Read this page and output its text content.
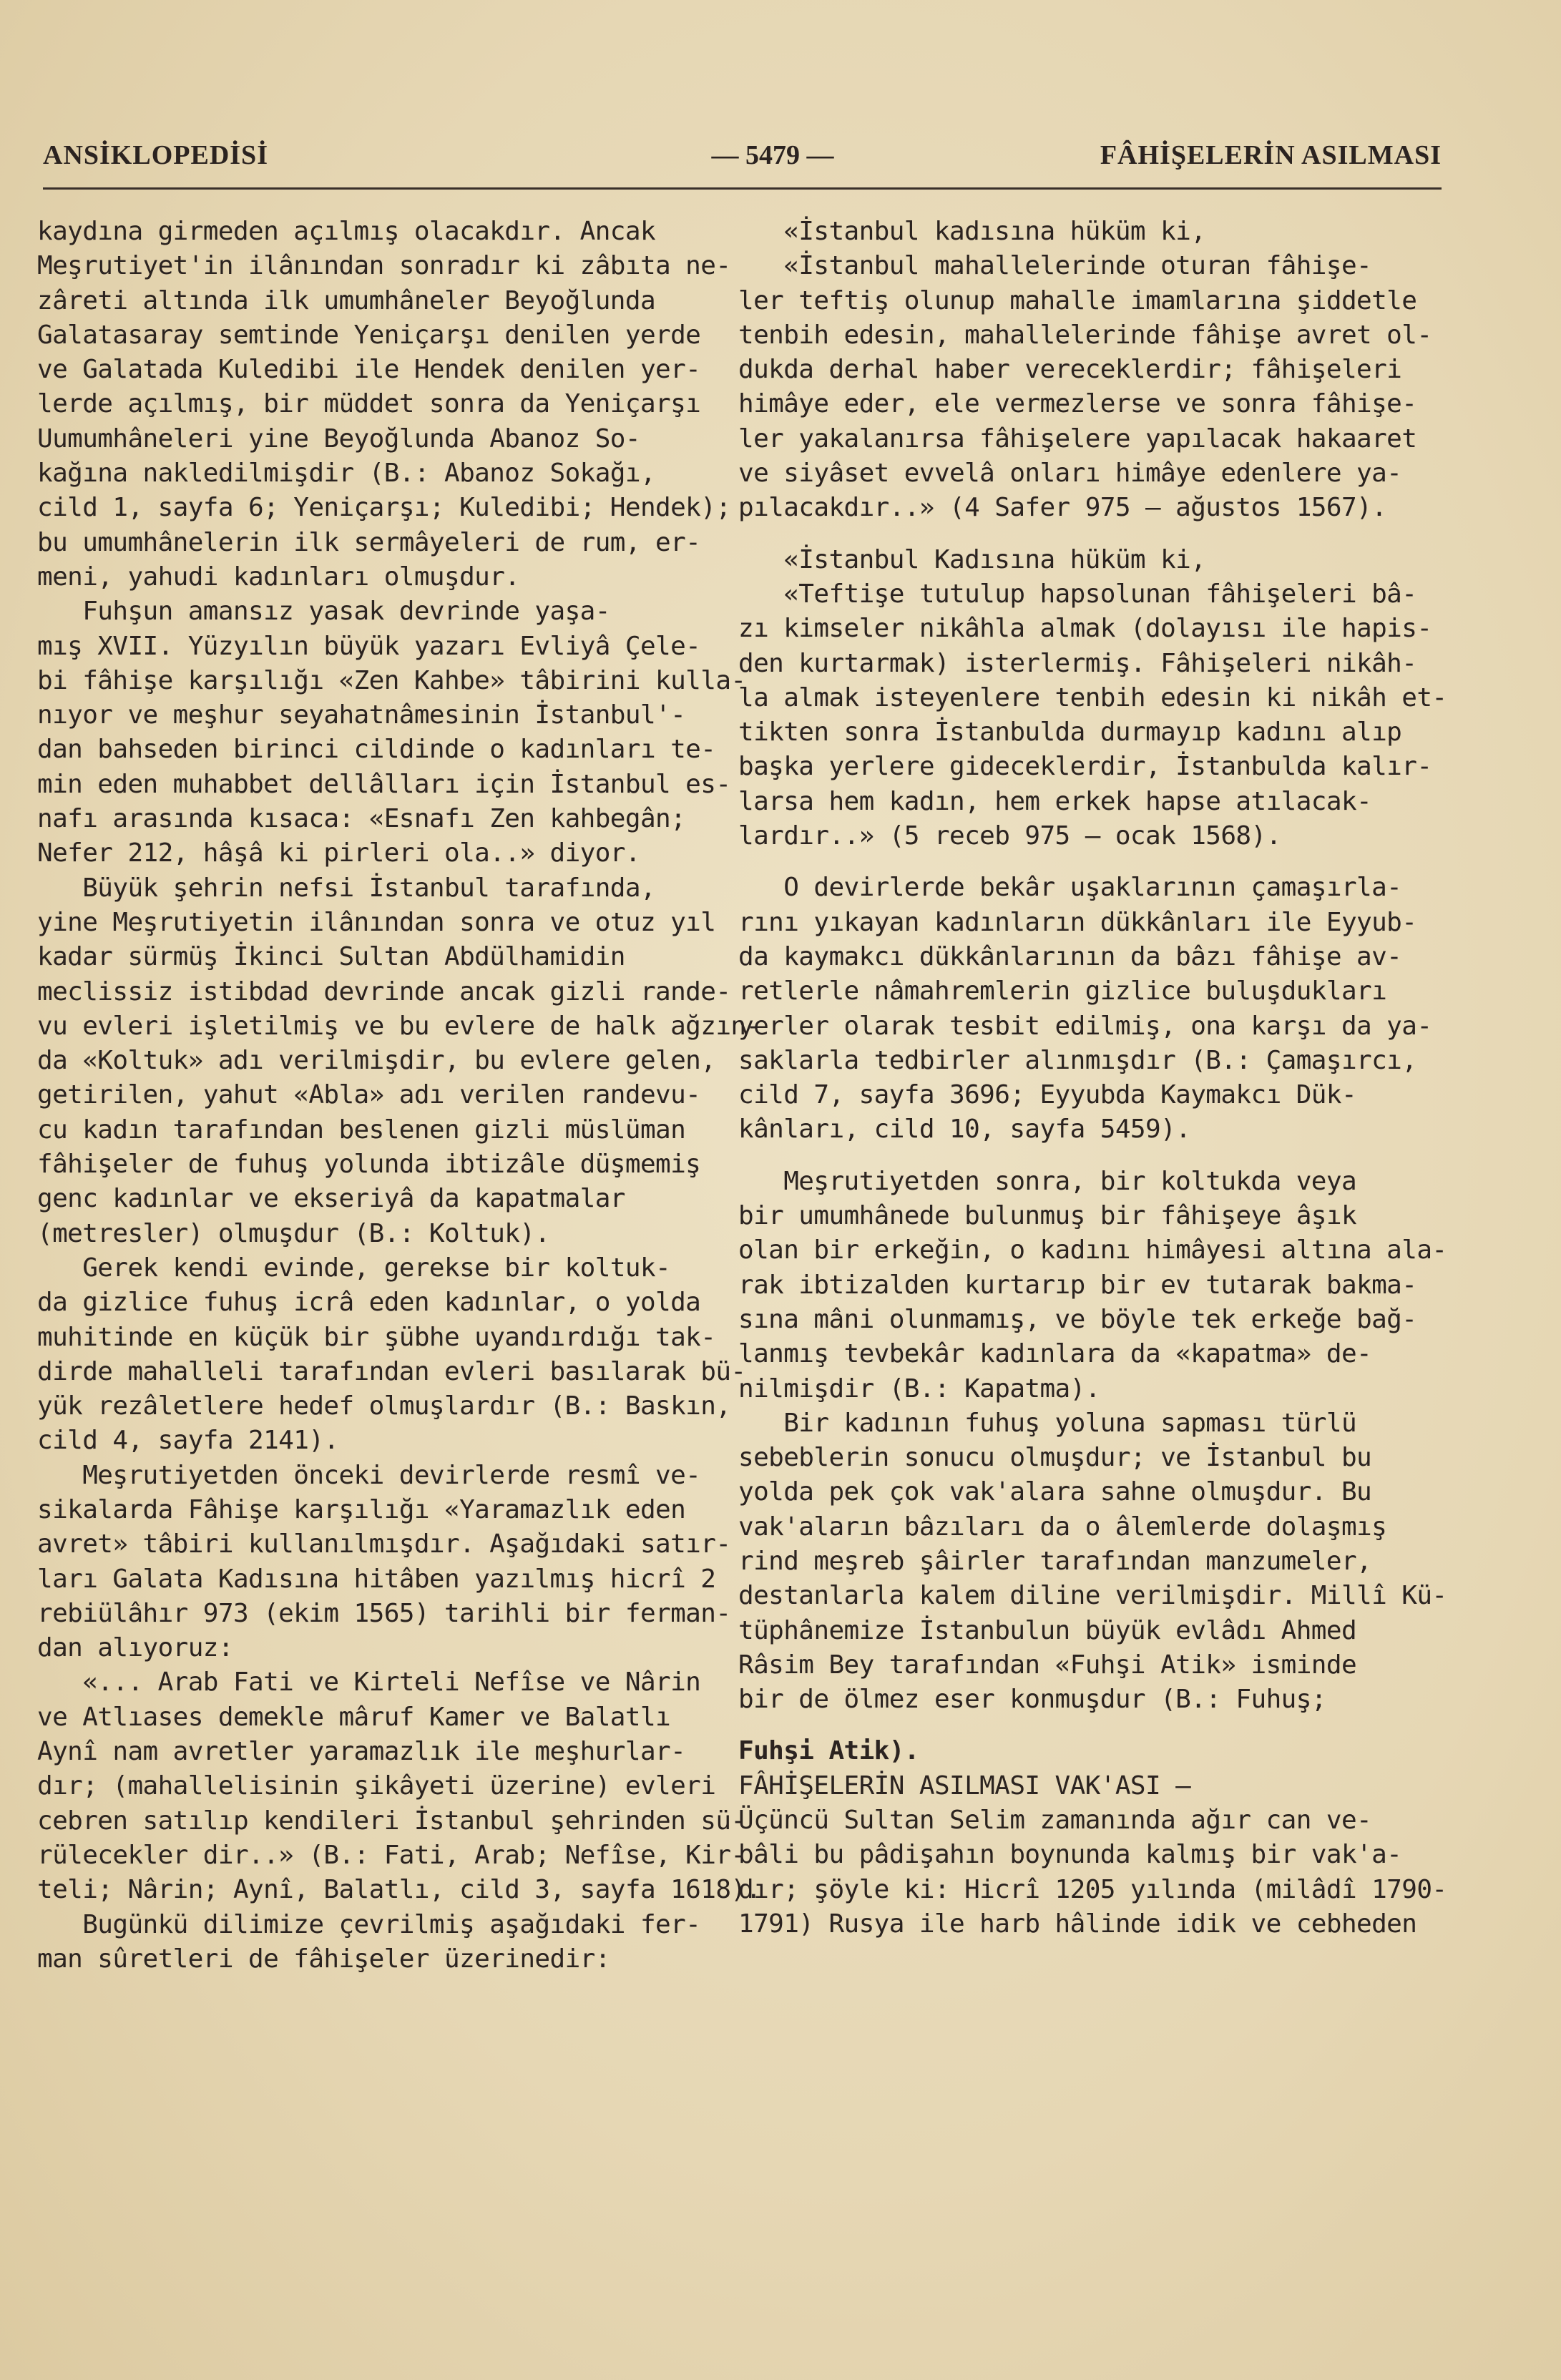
ANSİKLOPEDİSİ	— 5479 —	FÂHİŞELERİN ASILMASI
kaydına girmeden açılmış olacakdır. Ancak
Meşrutiyet'in ilânından sonradır ki zâbıta ne-
zâreti altında ilk umumhâneler Beyoğlunda
Galatasaray semtinde Yeniçarşı denilen yerde
ve Galatada Kuledibi ile Hendek denilen yer-
lerde açılmış, bir müddet sonra da Yeniçarşı
Uumumhâneleri yine Beyoğlunda Abanoz So-
kağına nakledilmişdir (B.: Abanoz Sokağı,
cild 1, sayfa 6; Yeniçarşı; Kuledibi; Hendek);
bu umumhânelerin ilk sermâyeleri de rum, er-
meni, yahudi kadınları olmuşdur.
Fuhşun amansız yasak devrinde yaşa-
mış XVII. Yüzyılın büyük yazarı Evliyâ Çele-
bi fâhişe karşılığı «Zen Kahbe» tâbirini kulla-
nıyor ve meşhur seyahatnâmesinin İstanbul'-
dan bahseden birinci cildinde o kadınları te-
min eden muhabbet dellâlları için İstanbul es-
nafı arasında kısaca: «Esnafı Zen kahbegân;
Nefer 212, hâşâ ki pirleri ola..» diyor.
Büyük şehrin nefsi İstanbul tarafında,
yine Meşrutiyetin ilânından sonra ve otuz yıl
kadar sürmüş İkinci Sultan Abdülhamidin
meclissiz istibdad devrinde ancak gizli rande-
vu evleri işletilmiş ve bu evlere de halk ağzın-
da «Koltuk» adı verilmişdir, bu evlere gelen,
getirilen, yahut «Abla» adı verilen randevu-
cu kadın tarafından beslenen gizli müslüman
fâhişeler de fuhuş yolunda ibtizâle düşmemiş
genc kadınlar ve ekseriyâ da kapatmalar
(metresler) olmuşdur (B.: Koltuk).
Gerek kendi evinde, gerekse bir koltuk-
da gizlice fuhuş icrâ eden kadınlar, o yolda
muhitinde en küçük bir şübhe uyandırdığı tak-
dirde mahalleli tarafından evleri basılarak bü-
yük rezâletlere hedef olmuşlardır (B.: Baskın,
cild 4, sayfa 2141).
Meşrutiyetden önceki devirlerde resmî ve-
sikalarda Fâhişe karşılığı «Yaramazlık eden
avret» tâbiri kullanılmışdır. Aşağıdaki satır-
ları Galata Kadısına hitâben yazılmış hicrî 2
rebiülâhır 973 (ekim 1565) tarihli bir ferman-
dan alıyoruz:
«... Arab Fati ve Kirteli Nefîse ve Nârin
ve Atlıases demekle mâruf Kamer ve Balatlı
Aynî nam avretler yaramazlık ile meşhurlar-
dır; (mahallelisinin şikâyeti üzerine) evleri
cebren satılıp kendileri İstanbul şehrinden sü-
rülecekler dir..» (B.: Fati, Arab; Nefîse, Kir-
teli; Nârin; Aynî, Balatlı, cild 3, sayfa 1618).
Bugünkü dilimize çevrilmiş aşağıdaki fer-
man sûretleri de fâhişeler üzerinedir:
«İstanbul kadısına hüküm ki,
«İstanbul mahallelerinde oturan fâhişe-
ler teftiş olunup mahalle imamlarına şiddetle
tenbih edesin, mahallelerinde fâhişe avret ol-
dukda derhal haber vereceklerdir; fâhişeleri
himâye eder, ele vermezlerse ve sonra fâhişe-
ler yakalanırsa fâhişelere yapılacak hakaaret
ve siyâset evvelâ onları himâye edenlere ya-
pılacakdır..» (4 Safer 975 — ağustos 1567).
«İstanbul Kadısına hüküm ki,
«Teftişe tutulup hapsolunan fâhişeleri bâ-
zı kimseler nikâhla almak (dolayısı ile hapis-
den kurtarmak) isterlermiş. Fâhişeleri nikâh-
la almak isteyenlere tenbih edesin ki nikâh et-
tikten sonra İstanbulda durmayıp kadını alıp
başka yerlere gideceklerdir, İstanbulda kalır-
larsa hem kadın, hem erkek hapse atılacak-
lardır..» (5 receb 975 — ocak 1568).
O devirlerde bekâr uşaklarının çamaşırla-
rını yıkayan kadınların dükkânları ile Eyyub-
da kaymakcı dükkânlarının da bâzı fâhişe av-
retlerle nâmahremlerin gizlice buluşdukları
yerler olarak tesbit edilmiş, ona karşı da ya-
saklarla tedbirler alınmışdır (B.: Çamaşırcı,
cild 7, sayfa 3696; Eyyubda Kaymakcı Dük-
kânları, cild 10, sayfa 5459).
Meşrutiyetden sonra, bir koltukda veya
bir umumhânede bulunmuş bir fâhişeye âşık
olan bir erkeğin, o kadını himâyesi altına ala-
rak ibtizalden kurtarıp bir ev tutarak bakma-
sına mâni olunmamış, ve böyle tek erkeğe bağ-
lanmış tevbekâr kadınlara da «kapatma» de-
nilmişdir (B.: Kapatma).
Bir kadının fuhuş yoluna sapması türlü
sebeblerin sonucu olmuşdur; ve İstanbul bu
yolda pek çok vak'alara sahne olmuşdur. Bu
vak'aların bâzıları da o âlemlerde dolaşmış
rind meşreb şâirler tarafından manzumeler,
destanlarla kalem diline verilmişdir. Millî Kü-
tüphânemize İstanbulun büyük evlâdı Ahmed
Râsim Bey tarafından «Fuhşi Atik» isminde
bir de ölmez eser konmuşdur (B.: Fuhuş;
Fuhşi Atik).
FÂHİŞELERİN ASILMASI VAK'ASI —
Üçüncü Sultan Selim zamanında ağır can ve-
bâli bu pâdişahın boynunda kalmış bir vak'a-
dır; şöyle ki: Hicrî 1205 yılında (milâdî 1790-
1791) Rusya ile harb hâlinde idik ve cebheden
